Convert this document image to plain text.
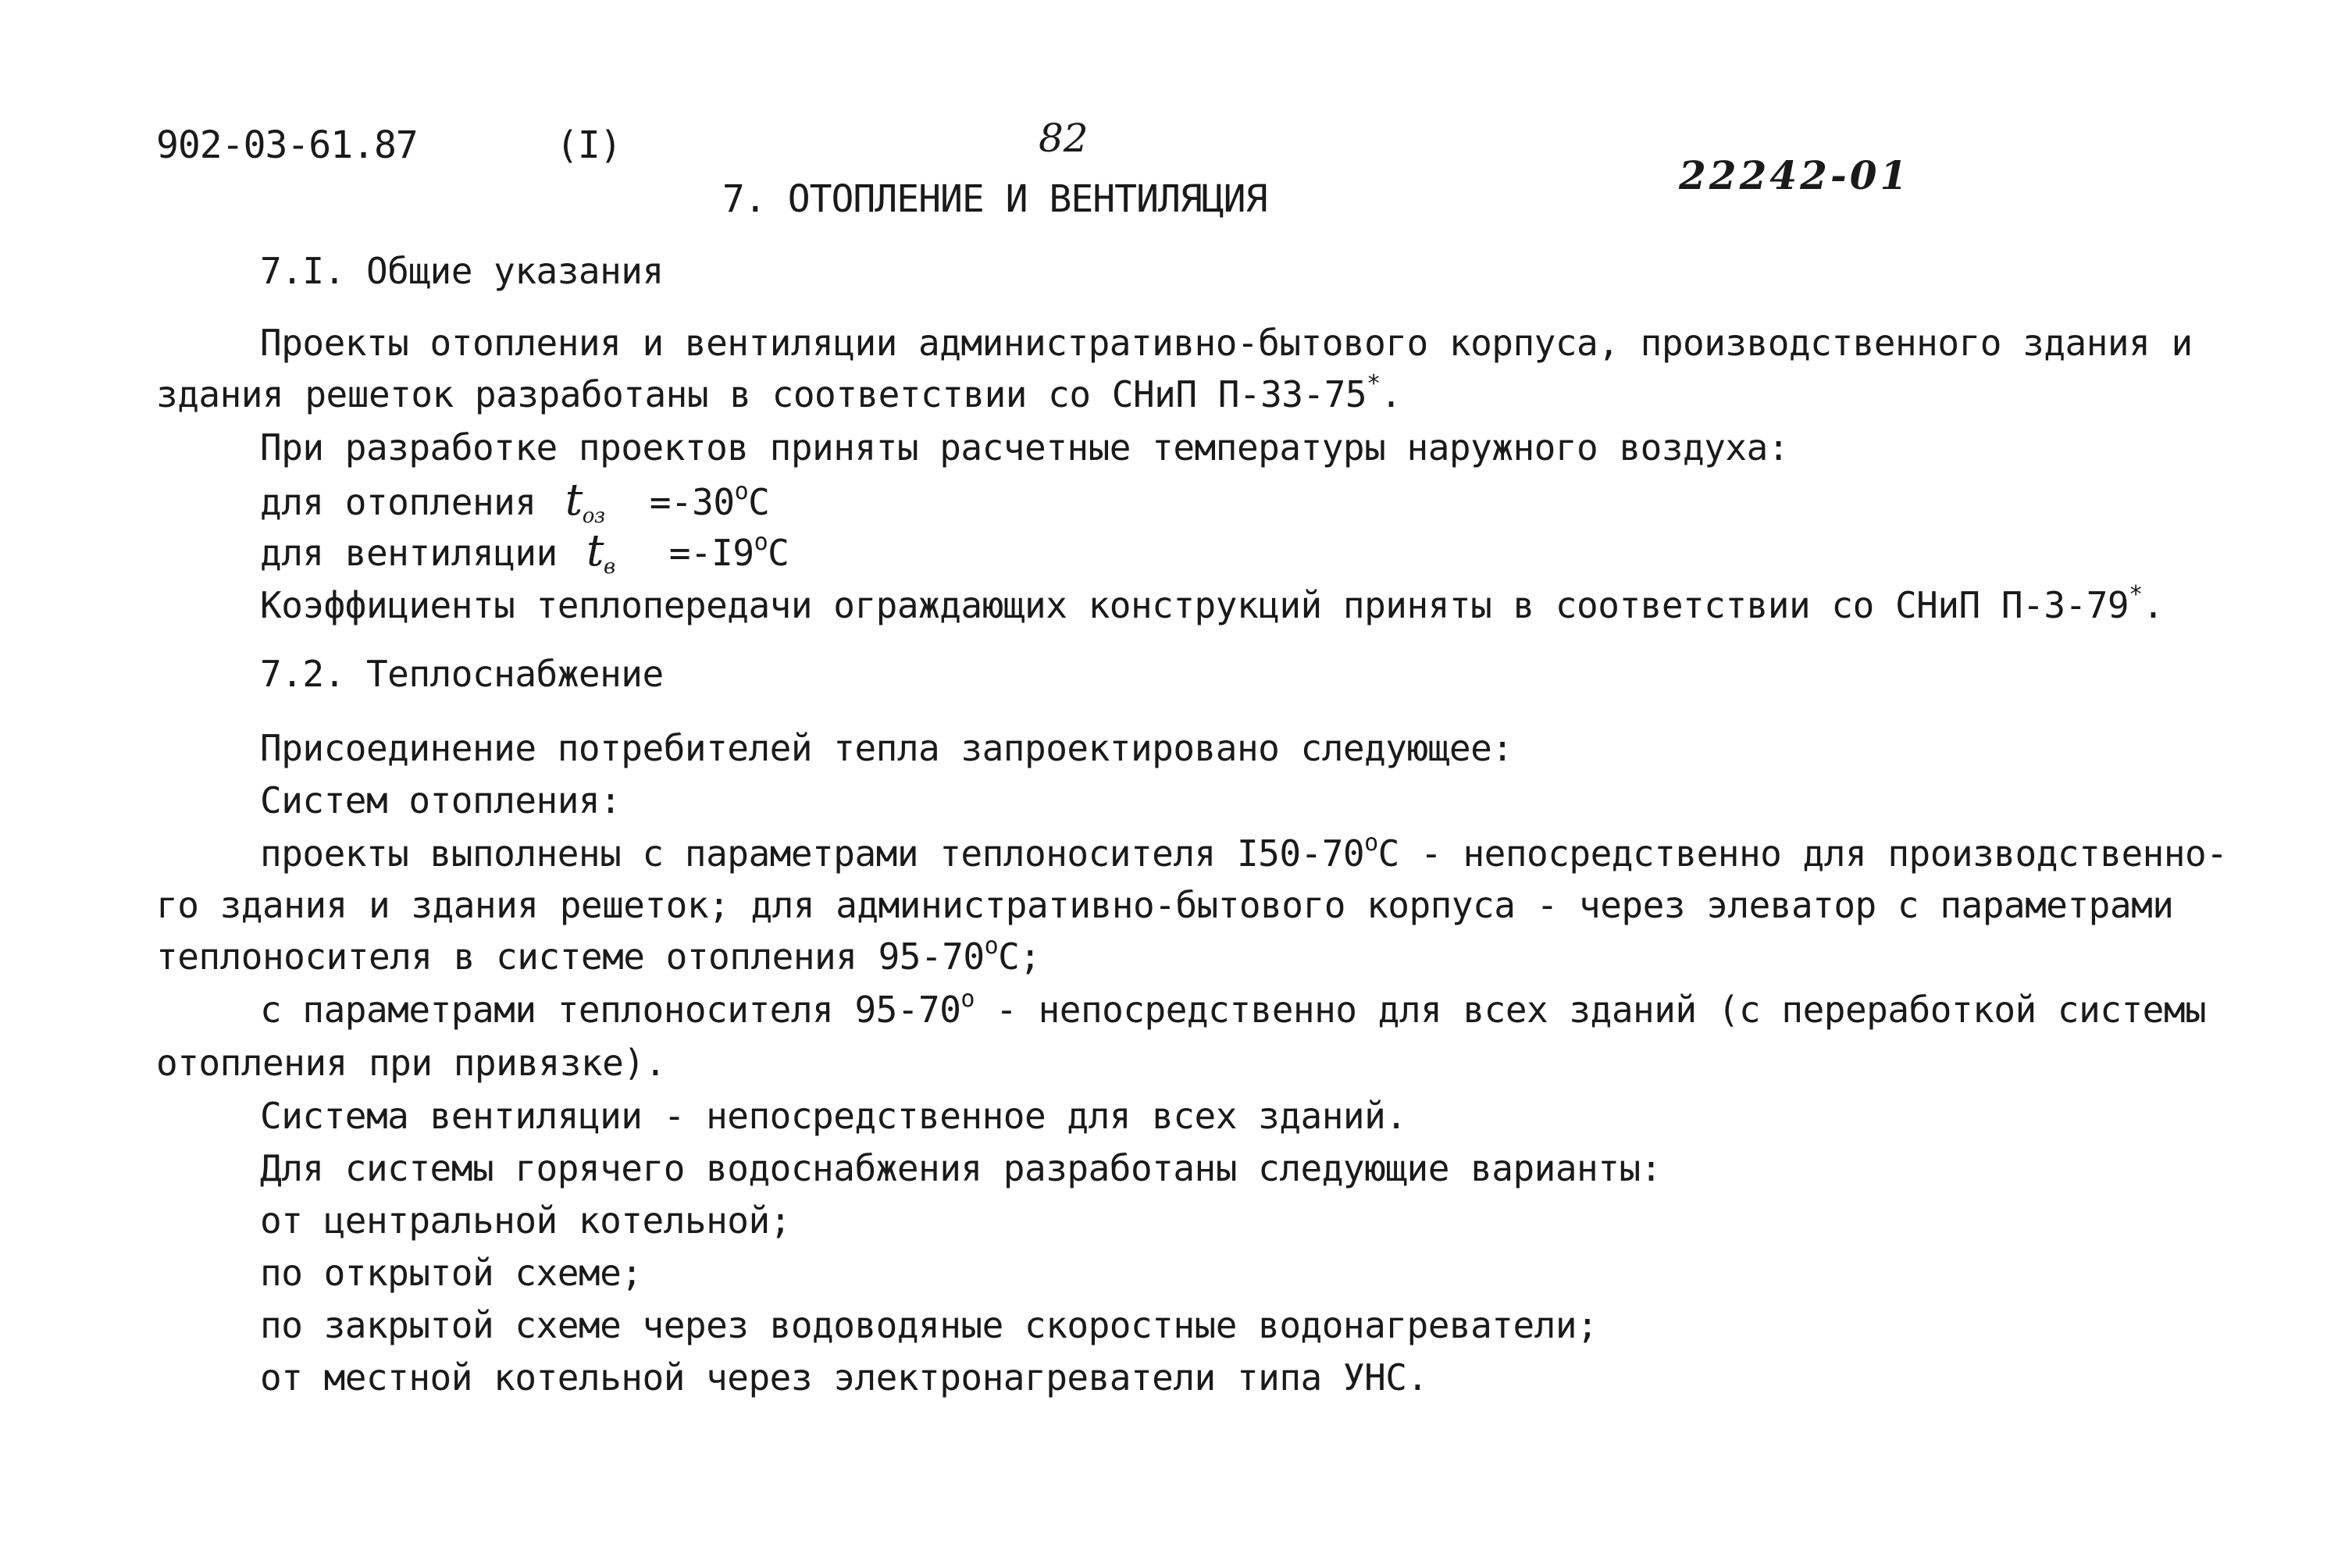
902-03-61.87	(I)	82
22242-01
7. ОТОПЛЕНИЕ И ВЕНТИЛЯЦИЯ
7.I. Общие указания
Проекты отопления и вентиляции административно-бытового корпуса, производственного здания и
здания решеток разработаны в соответствии со СНиП П-33-75*.
При разработке проектов приняты расчетные температуры наружного воздуха:
для отопления $t_{оз} =-30^oC$
для вентиляции $t_в =-I9^oC$
Коэффициенты теплопередачи ограждающих конструкций приняты в соответствии со СНиП П-3-79*.
7.2. Теплоснабжение
Присоединение потребителей тепла запроектировано следующее:
Систем отопления:
проекты выполнены с параметрами теплоносителя I50-70$^o$C - непосредственно для производственно-
го здания и здания решеток; для административно-бытового корпуса - через элеватор с параметрами
теплоносителя в системе отопления 95-70$^o$C;
с параметрами теплоносителя 95-70$^o$ - непосредственно для всех зданий (с переработкой системы
отопления при привязке).
Система вентиляции - непосредственное для всех зданий.
Для системы горячего водоснабжения разработаны следующие варианты:
от центральной котельной;
по открытой схеме;
по закрытой схеме через водоводяные скоростные водонагреватели;
от местной котельной через электронагреватели типа УНС.
